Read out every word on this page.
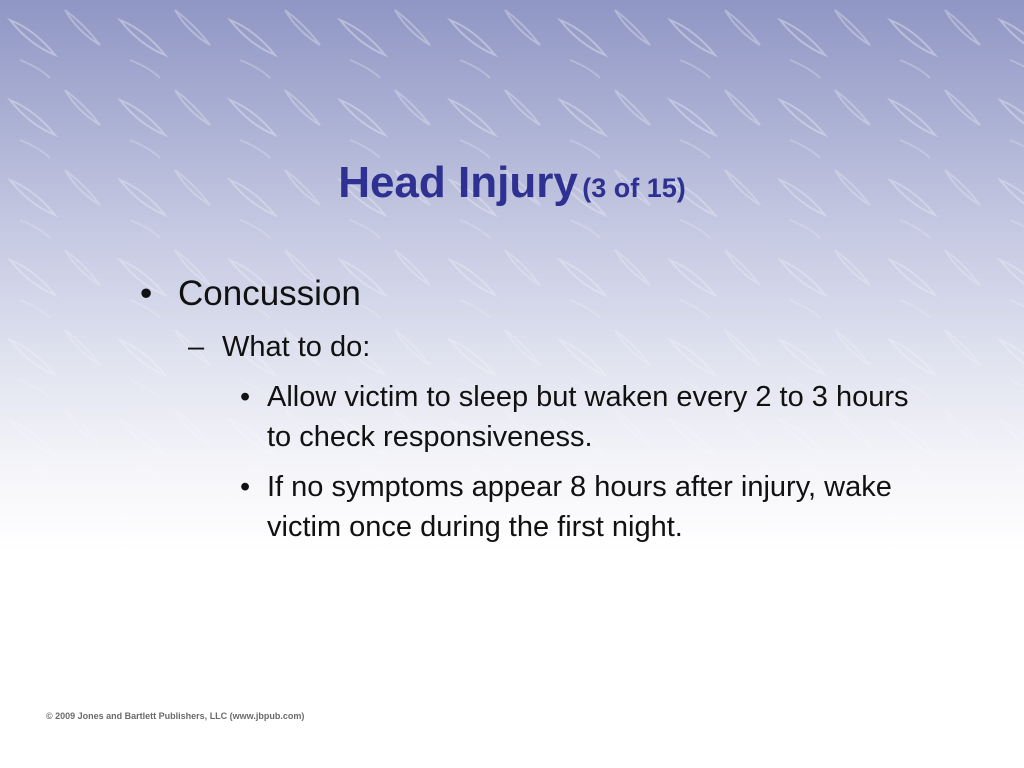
Head Injury (3 of 15)
• Concussion
– What to do:
• Allow victim to sleep but waken every 2 to 3 hours to check responsiveness.
• If no symptoms appear 8 hours after injury, wake victim once during the first night.
© 2009 Jones and Bartlett Publishers, LLC (www.jbpub.com)
